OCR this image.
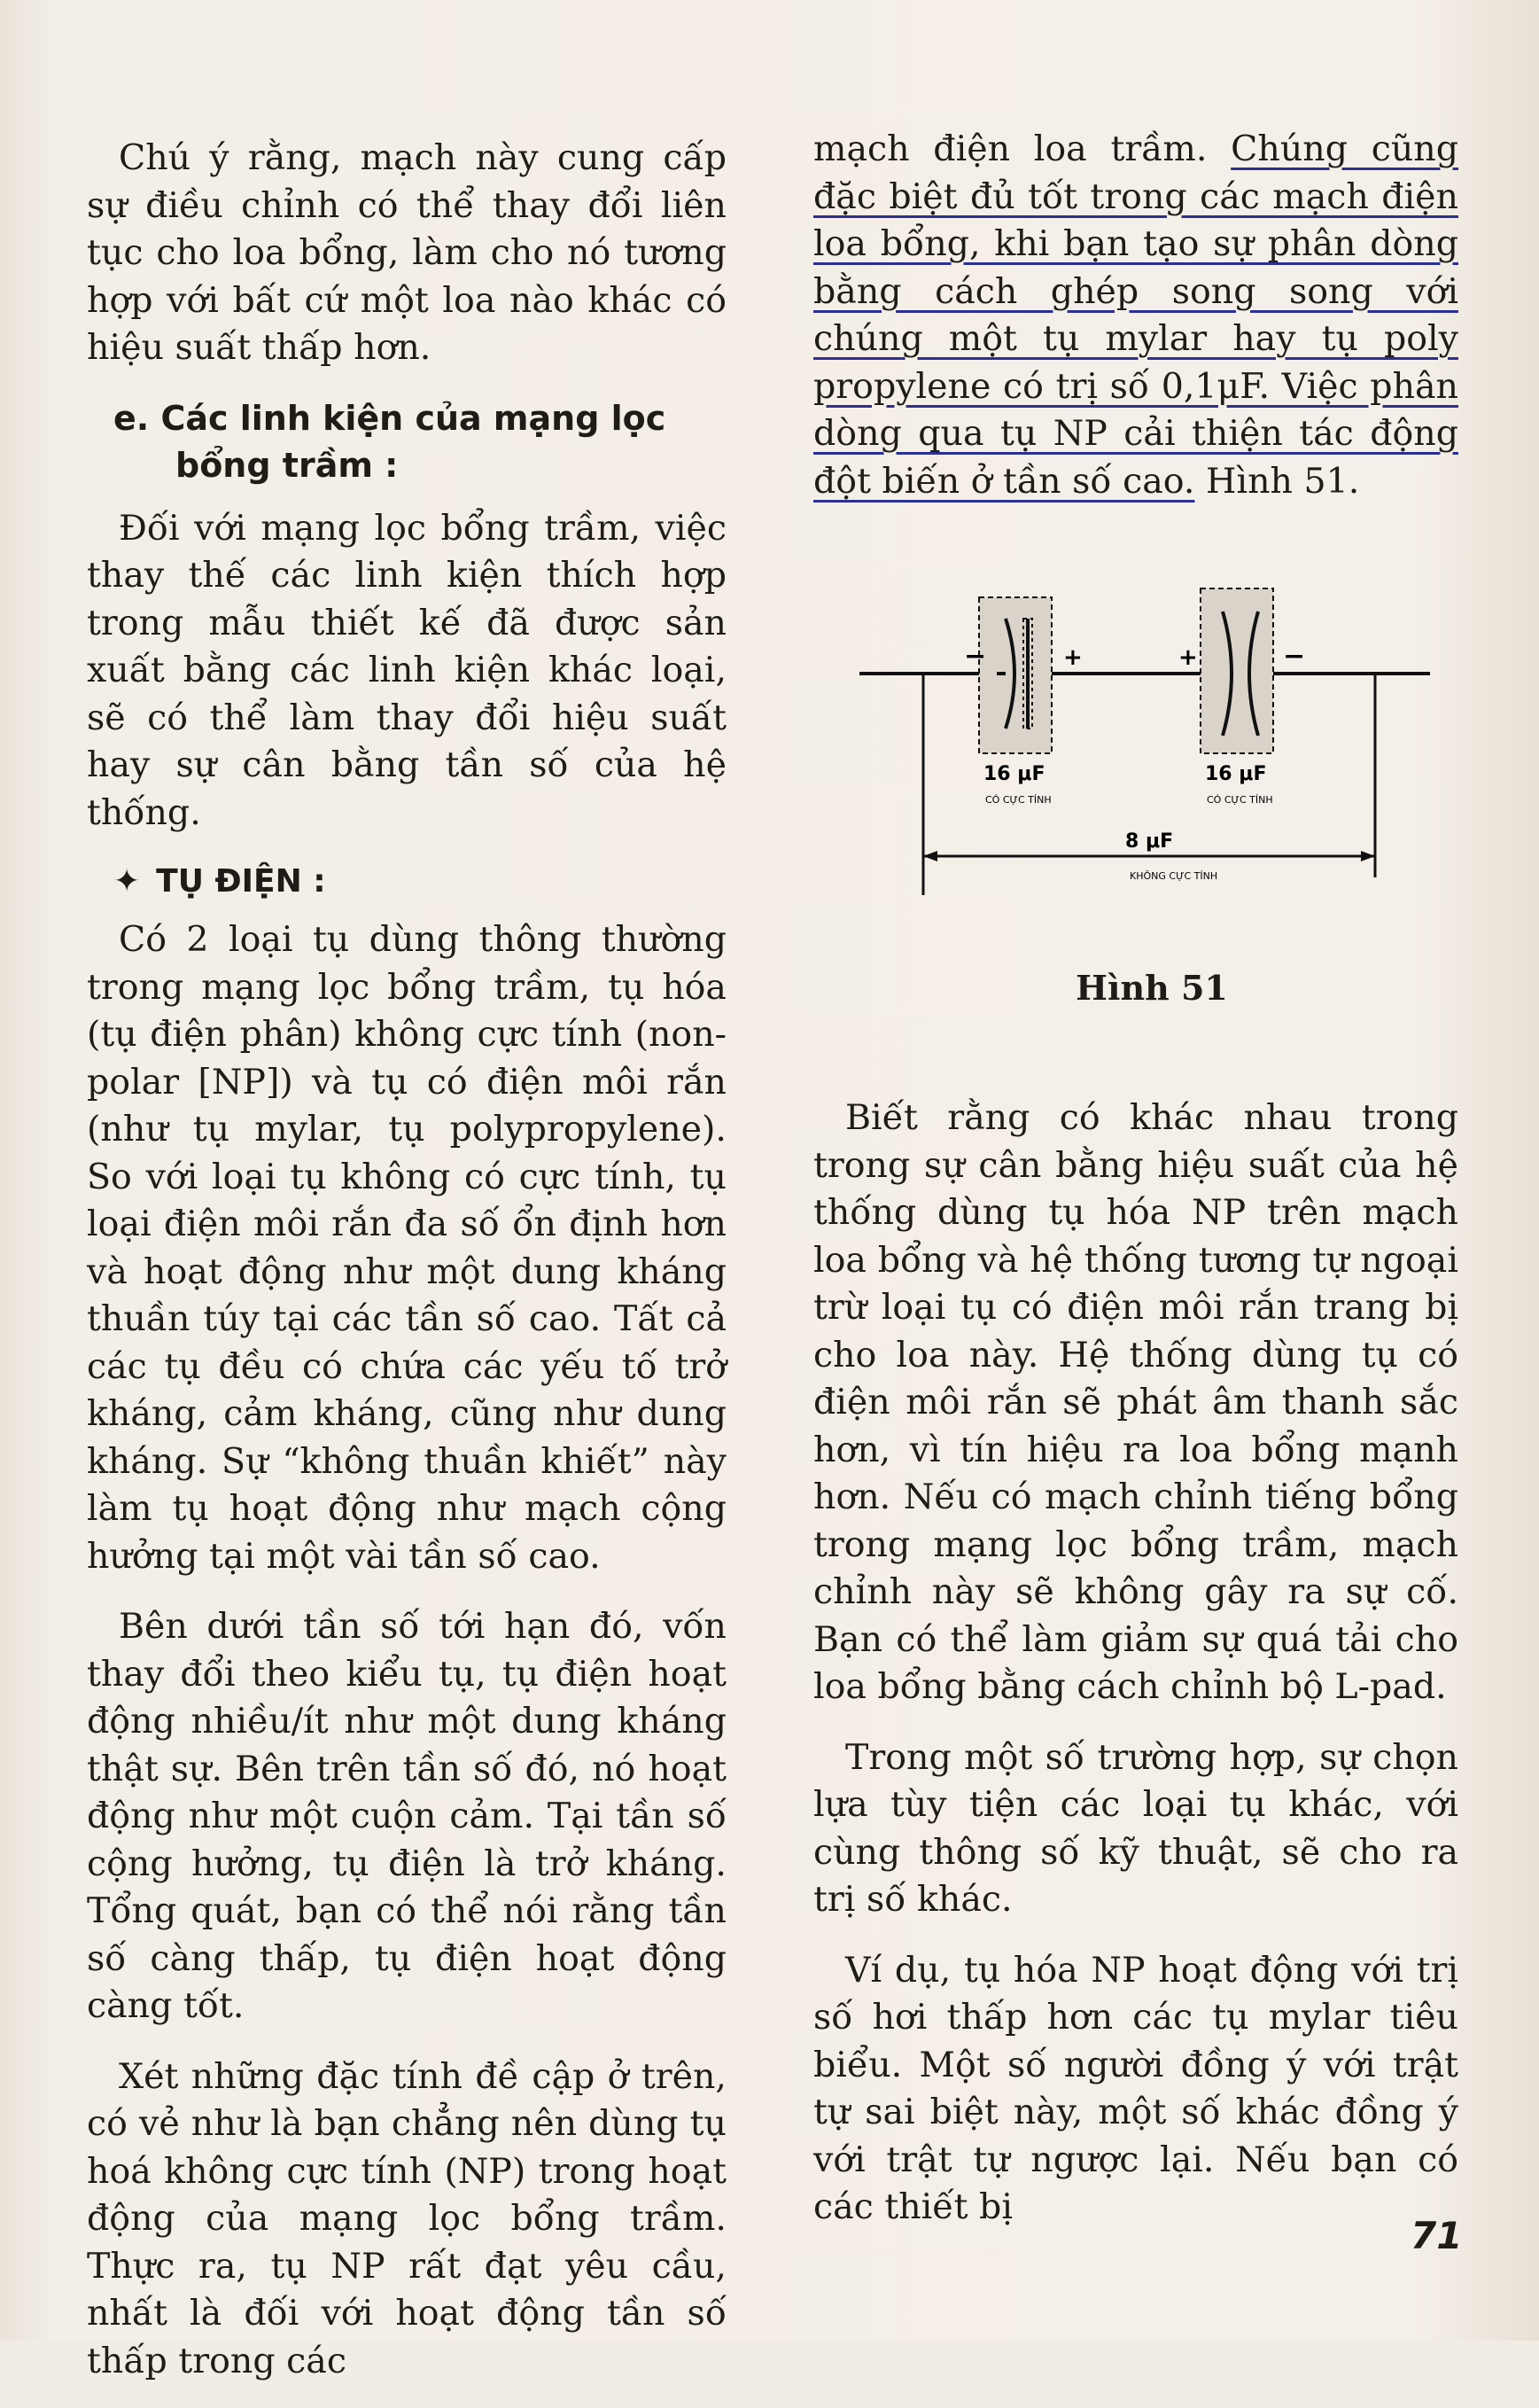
Chú ý rằng, mạch này cung cấp sự điều chỉnh có thể thay đổi liên tục cho loa bổng, làm cho nó tương hợp với bất cứ một loa nào khác có hiệu suất thấp hơn.

e. Các linh kiện của mạng lọc bổng trầm :

Đối với mạng lọc bổng trầm, việc thay thế các linh kiện thích hợp trong mẫu thiết kế đã được sản xuất bằng các linh kiện khác loại, sẽ có thể làm thay đổi hiệu suất hay sự cân bằng tần số của hệ thống.

✦ TỤ ĐIỆN :

Có 2 loại tụ dùng thông thường trong mạng lọc bổng trầm, tụ hóa (tụ điện phân) không cực tính (non-polar [NP]) và tụ có điện môi rắn (như tụ mylar, tụ polypropylene). So với loại tụ không có cực tính, tụ loại điện môi rắn đa số ổn định hơn và hoạt động như một dung kháng thuần túy tại các tần số cao. Tất cả các tụ đều có chứa các yếu tố trở kháng, cảm kháng, cũng như dung kháng. Sự “không thuần khiết” này làm tụ hoạt động như mạch cộng hưởng tại một vài tần số cao.

Bên dưới tần số tới hạn đó, vốn thay đổi theo kiểu tụ, tụ điện hoạt động nhiều/ít như một dung kháng thật sự. Bên trên tần số đó, nó hoạt động như một cuộn cảm. Tại tần số cộng hưởng, tụ điện là trở kháng. Tổng quát, bạn có thể nói rằng tần số càng thấp, tụ điện hoạt động càng tốt.

Xét những đặc tính đề cập ở trên, có vẻ như là bạn chẳng nên dùng tụ hoá không cực tính (NP) trong hoạt động của mạng lọc bổng trầm. Thực ra, tụ NP rất đạt yêu cầu, nhất là đối với hoạt động tần số thấp trong các

mạch điện loa trầm. Chúng cũng đặc biệt đủ tốt trong các mạch điện loa bổng, khi bạn tạo sự phân dòng bằng cách ghép song song với chúng một tụ mylar hay tụ poly propylene có trị số 0,1μF. Việc phân dòng qua tụ NP cải thiện tác động đột biến ở tần số cao. Hình 51.

Biết rằng có khác nhau trong trong sự cân bằng hiệu suất của hệ thống dùng tụ hóa NP trên mạch loa bổng và hệ thống tương tự ngoại trừ loại tụ có điện môi rắn trang bị cho loa này. Hệ thống dùng tụ có điện môi rắn sẽ phát âm thanh sắc hơn, vì tín hiệu ra loa bổng mạnh hơn. Nếu có mạch chỉnh tiếng bổng trong mạng lọc bổng trầm, mạch chỉnh này sẽ không gây ra sự cố. Bạn có thể làm giảm sự quá tải cho loa bổng bằng cách chỉnh bộ L-pad.

Trong một số trường hợp, sự chọn lựa tùy tiện các loại tụ khác, với cùng thông số kỹ thuật, sẽ cho ra trị số khác.

Ví dụ, tụ hóa NP hoạt động với trị số hơi thấp hơn các tụ mylar tiêu biểu. Một số người đồng ý với trật tự sai biệt này, một số khác đồng ý với trật tự ngược lại. Nếu bạn có các thiết bị

−	+
16 μF
CÓ CỰC TÍNH
+	−
16 μF
CÓ CỰC TÍNH
8 μF
KHÔNG CỰC TÍNH
Hình 51
71
